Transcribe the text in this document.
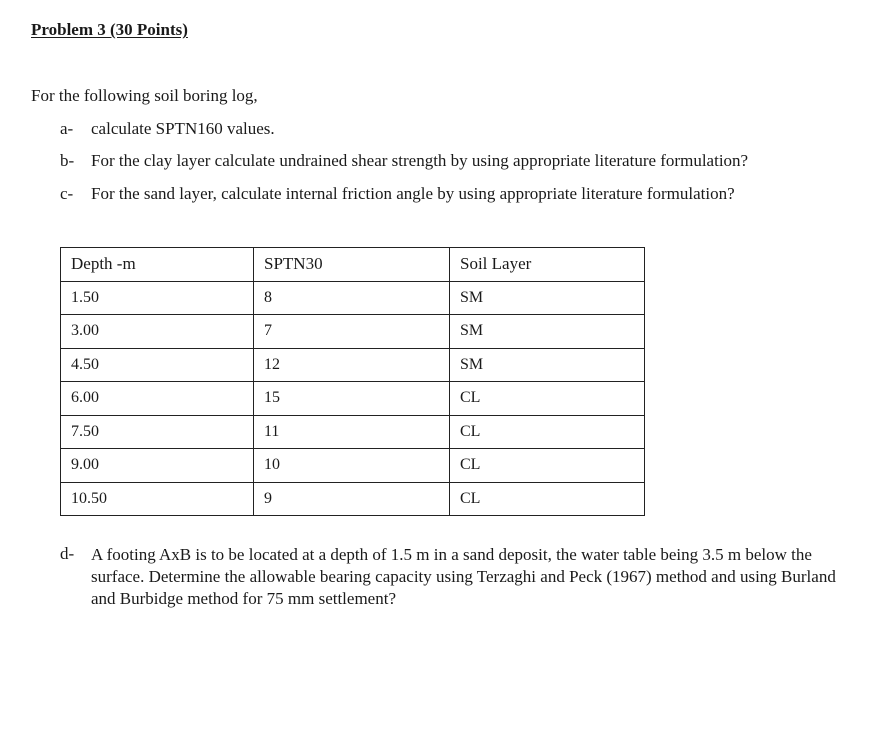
Problem 3 (30 Points)
For the following soil boring log,
a-	calculate SPTN160 values.
b- For the clay layer calculate undrained shear strength by using appropriate literature formulation?
c-	For the sand layer, calculate internal friction angle by using appropriate literature formulation?
Depth -m	SPTN30	Soil Layer
1.50	8	SM
3.00	7	SM
4.50	12	SM
6.00	15	CL
7.50	11	CL
9.00	10	CL
10.50	9	CL
d- A footing AxB is to be located at a depth of 1.5 m in a sand deposit, the water table being 3.5 m below the surface. Determine the allowable bearing capacity using Terzaghi and Peck (1967) method and using Burland and Burbidge method for 75 mm settlement?
